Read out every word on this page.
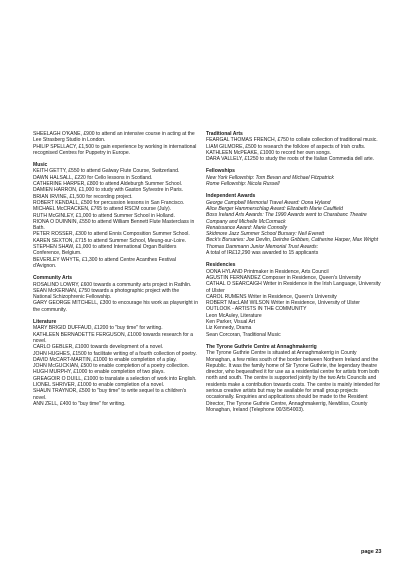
SHEELAGH O'KANE, £900 to attend an intensive course in acting at the Lee Strasberg Studio in London.

PHILIP SPELLACY, £1,500 to gain experience by working in international recognised Centres for Puppetry in Europe.

Music

KEITH GETTY, £550 to attend Galway Flute Course, Switzerland.

DAWN HALSALL, £220 for Cello lessons in Scotland.

CATHERINE HARPER, £800 to attend Aldeburgh Summer School.

DAMIEN HARRON, £1,000 to study with Gaston Sylvestre in Paris.

BRIAN IRVINE, £1,500 for recording project.

ROBERT KENDALL, £500 for percussion lessons in San Francisco.

MICHAEL McCRACKEN, £765 to attend RSCM course (July).

RUTH McGINLEY, £1,000 to attend Summer School in Holland.

RIONA O DUINNIN, £550 to attend William Bennett Flute Masterclass in Bath.

PETER ROSSER, £300 to attend Ennis Composition Summer School.

KAREN SEXTON, £715 to attend Summer School, Meung-sur-Loire.

STEPHEN SHAW, £1,000 to attend International Organ Builders Conference, Belgium.

BEVERLEY WHYTE, £1,300 to attend Centre Acanthes Festival d'Avignon.

Community Arts

ROSALIND LOWRY, £600 towards a community arts project in Rathlin.

SEAN McKERNAN, £750 towards a photographic project with the National Schizophrenic Fellowship.

GARY GEORGE MITCHELL, £300 to encourage his work as playwright in the community.

Literature

MARY BRIGID DUFFAUD, £1200 to "buy time" for writing.

KATHLEEN BERNADETTE FERGUSON, £1000 towards research for a novel.

CARLO GEBLER, £1000 towards development of a novel.

JOHN HUGHES, £1500 to facilitate writing of a fourth collection of poetry.

DAVID McCART-MARTIN, £1000 to enable completion of a play.

JOHN McGUCKIAN, £500 to enable completion of a poetry collection.

HUGH MURPHY, £1000 to enable completion of two plays.

GREAGOIR O DUILL, £1000 to translate a selection of work into English.

LIONEL SHRIVER, £1000 to enable completion of a novel.

SHAUN TRAYNOR, £500 to "buy time" to write sequel to a children's novel.

ANN ZELL, £400 to "buy time" for writing.

Traditional Arts

FEARGAL THOMAS FRENCH, £750 to collate collection of traditional music.

LIAM GILMORE, £500 to research the folklore of aspects of Irish crafts.

KATHLEEN McPEAKE, £1000 to record her own songs.

DARA VALLELY, £1250 to study the roots of the Italian Commedia dell arte.

Fellowships

New York Fellowship: Tom Bevan and Michael Fitzpatrick

Rome Fellowship: Nicola Russell

Independent Awards

George Campbell Memorial Travel Award: Oona Hyland

Alice Berger Hammerschlag Award: Elizabeth Marie Caulfield

Boss Ireland Arts Awards: The 1990 Awards went to Charabanc Theatre Company and Michelle McCormack

Renaissance Award: Marie Connolly

Skidmore Jazz Summer School Bursary: Neil Everett

Beck's Bursaries: Joe Devlin, Deirdre Gribben, Catherine Harper, Max Wright

Thomas Dammann Junior Memorial Trust Awards:

A total of IR£12,290 was awarded to 15 applicants

Residencies

OONA HYLAND Printmaker in Residence, Arts Council

AGUSTIN FERNANDEZ Composer in Residence, Queen's University

CATHAL O SEARCAIGH Writer in Residence in the Irish Language, University of Ulster

CAROL RUMENS Writer in Residence, Queen's University

ROBERT MacLAM WILSON Writer in Residence, University of Ulster

OUTLOOK - ARTISTS IN THE COMMUNITY

Leon McAuley, Literature

Ken Parker, Visual Art

Liz Kennedy, Drama

Sean Corcoran, Traditional Music

The Tyrone Guthrie Centre at Annaghmakerrig

The Tyrone Guthrie Centre is situated at Annaghmakerrig in County Monaghan, a few miles south of the border between Northern Ireland and the Republic. It was the family home of Sir Tyrone Guthrie, the legendary theatre director, who bequeathed it for use as a residential centre for artists from both north and south. The centre is supported jointly by the two Arts Councils and residents make a contribution towards costs. The centre is mainly intended for serious creative artists but may be available for small group projects occasionally. Enquiries and applications should be made to the Resident Director, The Tyrone Guthrie Centre, Annaghmakerrig, Newbliss, County Monaghan, Ireland (Telephone 00/3/54003).

page 23
